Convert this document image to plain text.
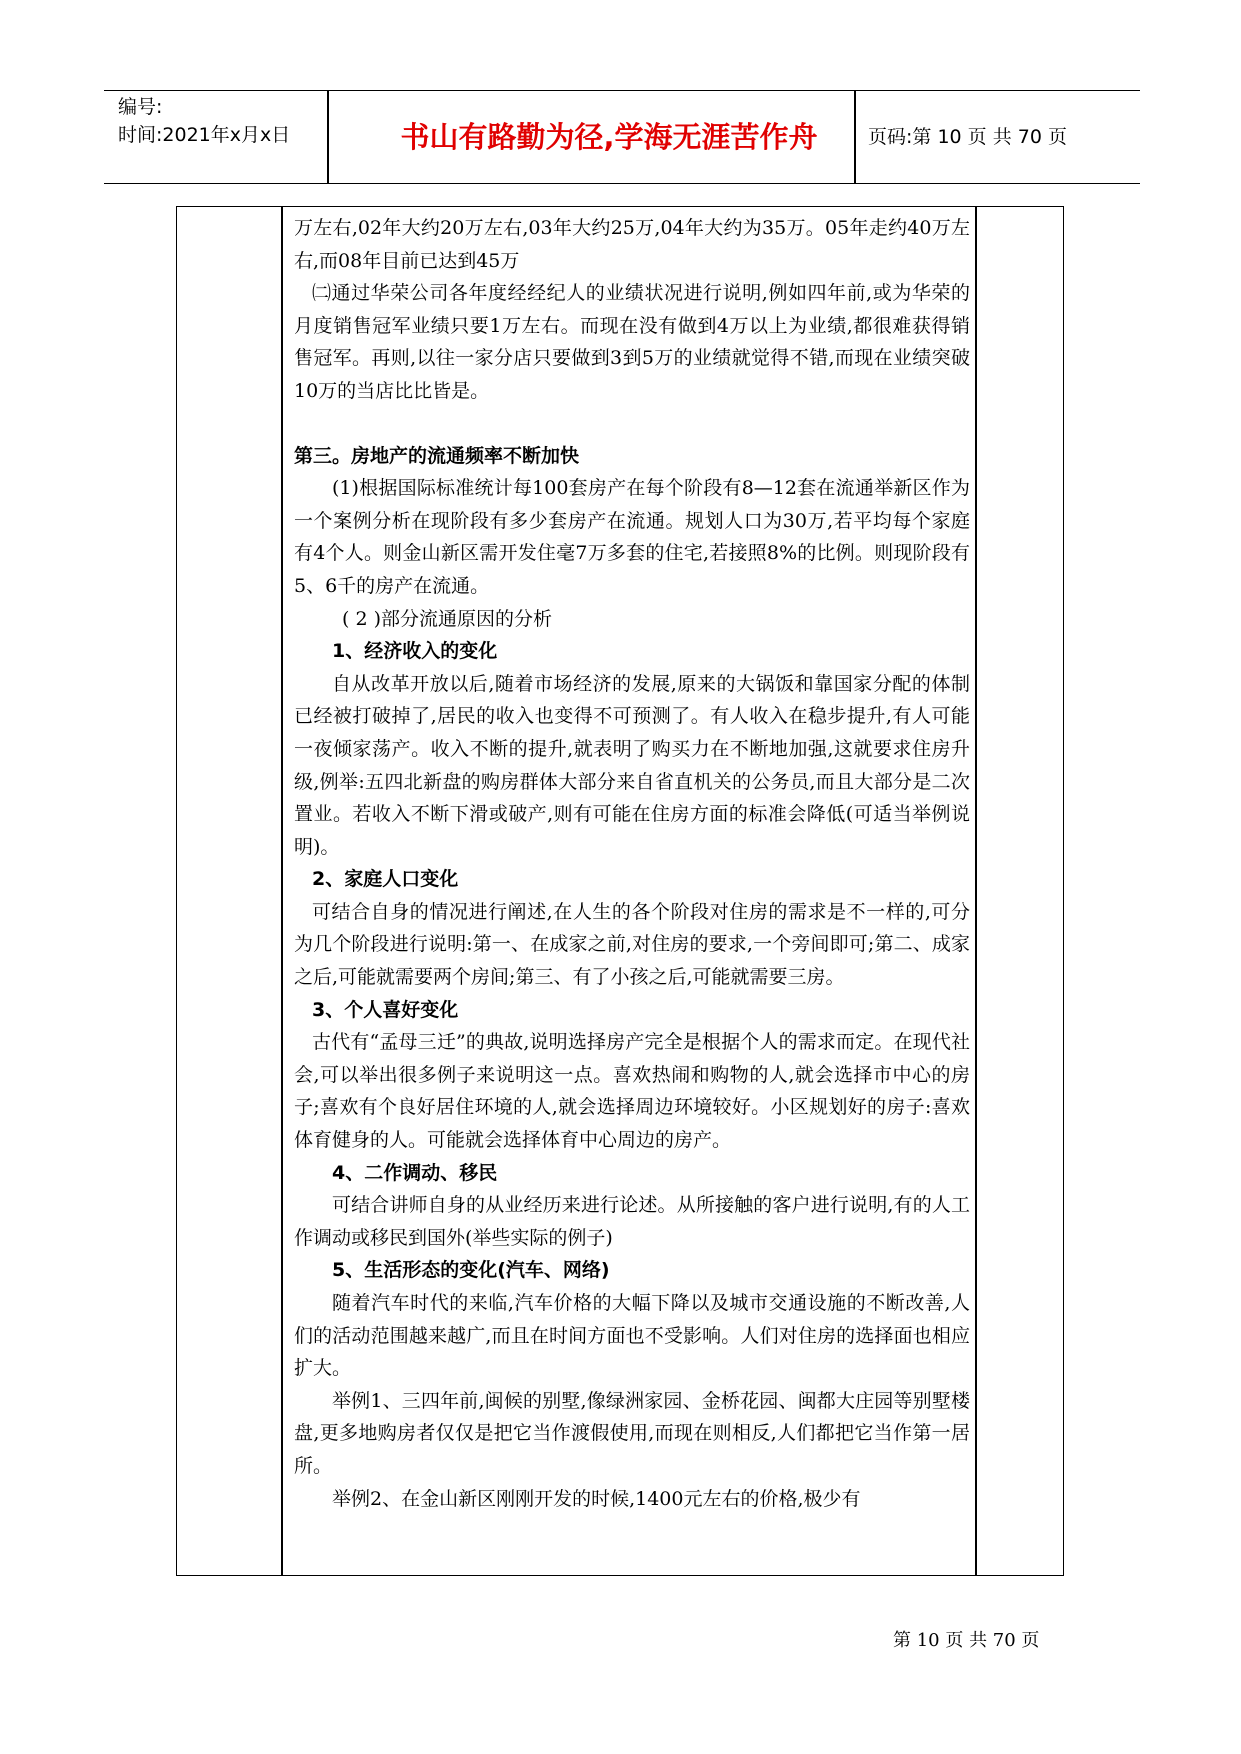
编号:
时间:2021年x月x日	书山有路勤为径,学海无涯苦作舟	页码:第 10 页 共 70 页

万左右,02年大约20万左右,03年大约25万,04年大约为35万。05年走约40万左右,而08年目前已达到45万

㈡通过华荣公司各年度经经纪人的业绩状况进行说明,例如四年前,或为华荣的月度销售冠军业绩只要1万左右。而现在没有做到4万以上为业绩,都很难获得销售冠军。再则,以往一家分店只要做到3到5万的业绩就觉得不错,而现在业绩突破10万的当店比比皆是。

第三。房地产的流通频率不断加快

(1)根据国际标准统计每100套房产在每个阶段有8—12套在流通举新区作为一个案例分析在现阶段有多少套房产在流通。规划人口为30万,若平均每个家庭有4个人。则金山新区需开发住毫7万多套的住宅,若接照8%的比例。则现阶段有5、6千的房产在流通。

( 2 )部分流通原因的分析

1、经济收入的变化

自从改革开放以后,随着市场经济的发展,原来的大锅饭和靠国家分配的体制已经被打破掉了,居民的收入也变得不可预测了。有人收入在稳步提升,有人可能一夜倾家荡产。收入不断的提升,就表明了购买力在不断地加强,这就要求住房升级,例举:五四北新盘的购房群体大部分来自省直机关的公务员,而且大部分是二次置业。若收入不断下滑或破产,则有可能在住房方面的标准会降低(可适当举例说明)。

2、家庭人口变化

可结合自身的情况进行阐述,在人生的各个阶段对住房的需求是不一样的,可分为几个阶段进行说明:第一、在成家之前,对住房的要求,一个旁间即可;第二、成家之后,可能就需要两个房间;第三、有了小孩之后,可能就需要三房。

3、个人喜好变化

古代有“孟母三迁”的典故,说明选择房产完全是根据个人的需求而定。在现代社会,可以举出很多例子来说明这一点。喜欢热闹和购物的人,就会选择市中心的房子;喜欢有个良好居住环境的人,就会选择周边环境较好。小区规划好的房子:喜欢体育健身的人。可能就会选择体育中心周边的房产。

4、二作调动、移民

可结合讲师自身的从业经历来进行论述。从所接触的客户进行说明,有的人工作调动或移民到国外(举些实际的例子)

5、生活形态的变化(汽车、网络)

随着汽车时代的来临,汽车价格的大幅下降以及城市交通设施的不断改善,人们的活动范围越来越广,而且在时间方面也不受影响。人们对住房的选择面也相应扩大。

举例1、三四年前,闽候的别墅,像绿洲家园、金桥花园、闽都大庄园等别墅楼盘,更多地购房者仅仅是把它当作渡假使用,而现在则相反,人们都把它当作第一居所。

举例2、在金山新区刚刚开发的时候,1400元左右的价格,极少有

第 10 页 共 70 页
